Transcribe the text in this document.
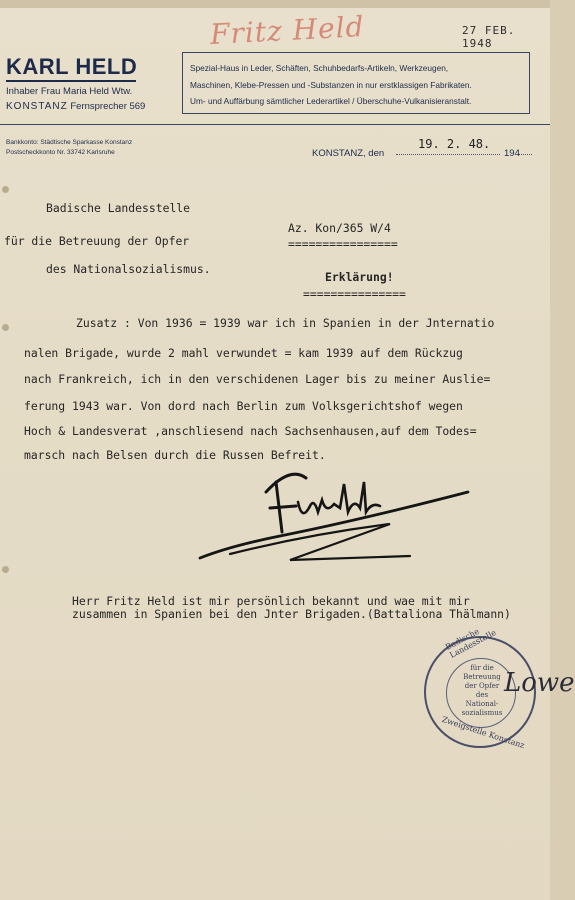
Fritz Held	27 FEB. 1948
KARL HELD
Inhaber Frau Maria Held Wtw.
KONSTANZ Fernsprecher 569
Spezial-Haus in Leder, Schäften, Schuhbedarfs-Artikeln, Werkzeugen,
Maschinen, Klebe-Pressen und -Substanzen in nur erstklassigen Fabrikaten.
Um- und Auffärbung sämtlicher Lederartikel / Überschuhe-Vulkanisieranstalt.
Bankkonto: Städtische Sparkasse Konstanz
Postscheckkonto Nr. 33742 Karlsruhe	KONSTANZ, den
19. 2. 48.
194
Badische Landesstelle
für die Betreuung der Opfer
des Nationalsozialismus.
Az. Kon/365 W/4
================
Erklärung!
===============
Zusatz : Von 1936 = 1939 war ich in Spanien in der Jnternatio
nalen Brigade, wurde 2 mahl verwundet = kam 1939 auf dem Rückzug
nach Frankreich, ich in den verschidenen Lager bis zu meiner Auslie=
ferung 1943 war. Von dord nach Berlin zum Volksgerichtshof wegen
Hoch & Landesverat ,anschliesend nach Sachsenhausen,auf dem Todes=
marsch nach Belsen durch die Russen Befreit.
Herr Fritz Held ist mir persönlich bekannt und wae mit mir
zusammen in Spanien bei den Jnter Brigaden.(Battaliona Thälmann)
Badische Landesstelle
für die
Betreuung
der Opfer
des
National-
sozialismus
Zweigstelle Konstanz
Lowe
